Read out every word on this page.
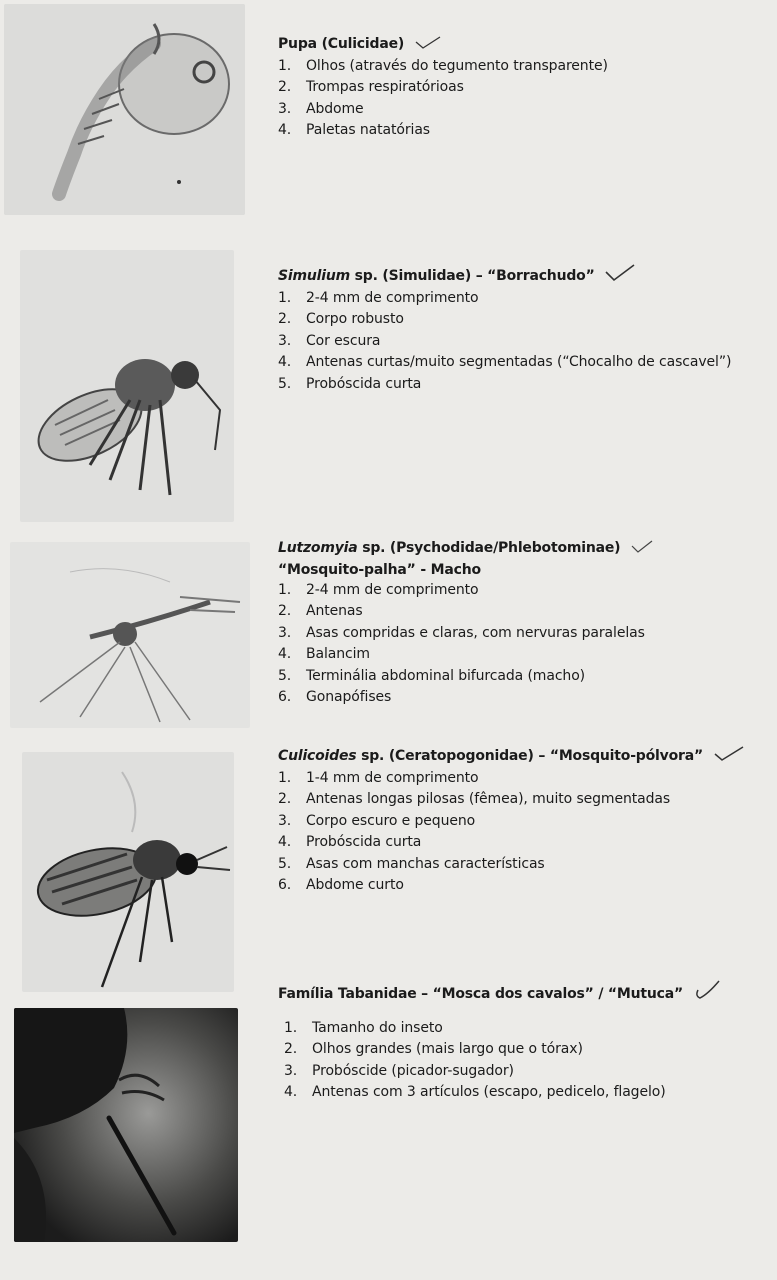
Pupa (Culicidae)
1. Olhos (através do tegumento transparente)
2. Trompas respiratórioas
3. Abdome
4. Paletas natatórias
Simulium sp. (Simulidae) – “Borrachudo”
1. 2-4 mm de comprimento
2. Corpo robusto
3. Cor escura
4. Antenas curtas/muito segmentadas (“Chocalho de cascavel”)
5. Probóscida curta
Lutzomyia sp. (Psychodidae/Phlebotominae)
“Mosquito-palha” - Macho
1. 2-4 mm de comprimento
2. Antenas
3. Asas compridas e claras, com nervuras paralelas
4. Balancim
5. Terminália abdominal bifurcada (macho)
6. Gonapófises
Culicoides sp. (Ceratopogonidae) – “Mosquito-pólvora”
1. 1-4 mm de comprimento
2. Antenas longas pilosas (fêmea), muito segmentadas
3. Corpo escuro e pequeno
4. Probóscida curta
5. Asas com manchas características
6. Abdome curto
Família Tabanidae – “Mosca dos cavalos” / “Mutuca”
1. Tamanho do inseto
2. Olhos grandes (mais largo que o tórax)
3. Probóscide (picador-sugador)
4. Antenas com 3 artículos (escapo, pedicelo, flagelo)
